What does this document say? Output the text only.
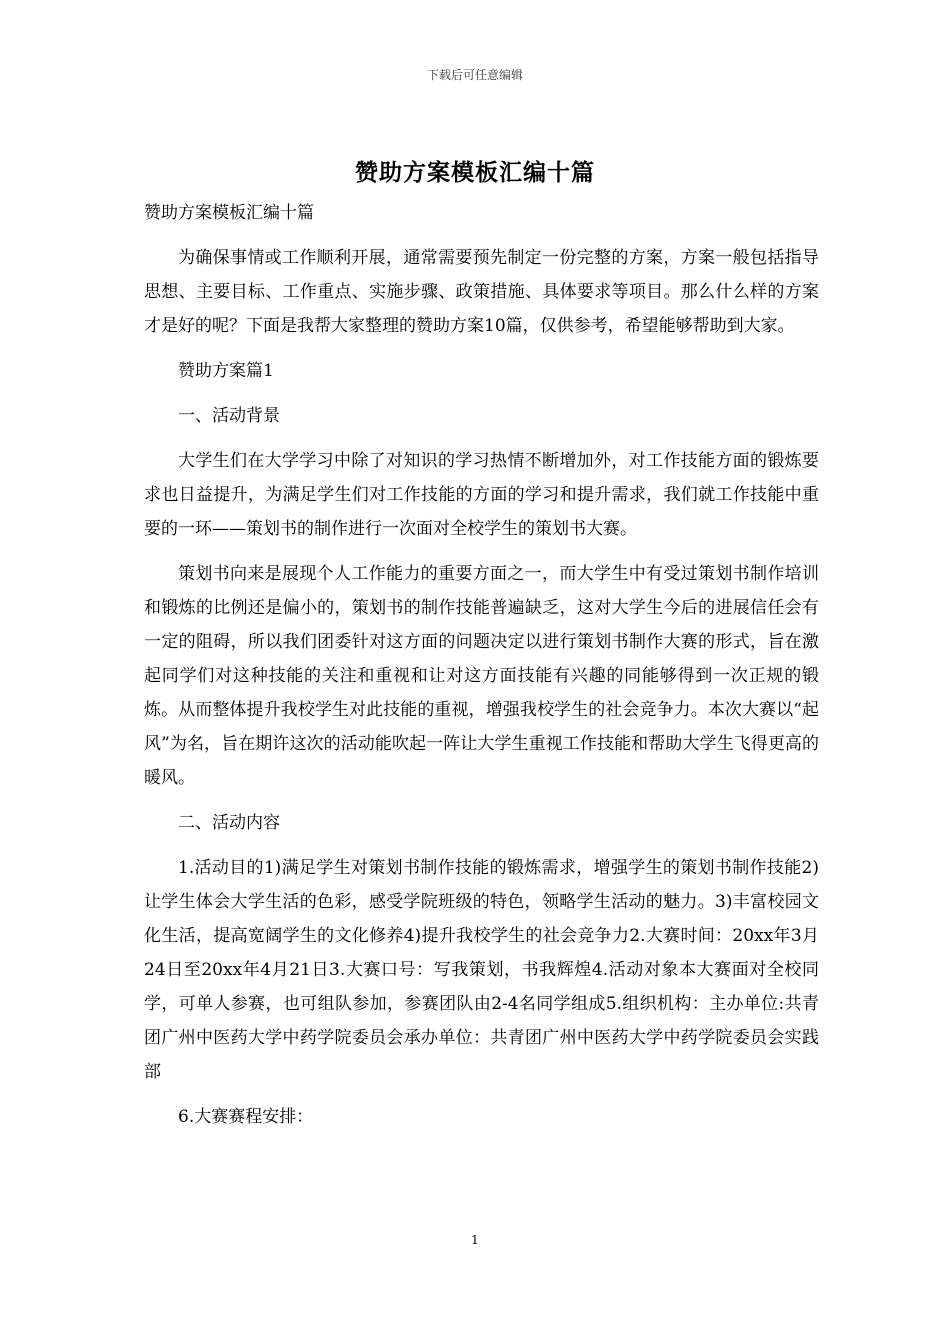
下载后可任意编辑
赞助方案模板汇编十篇

赞助方案模板汇编十篇

为确保事情或工作顺利开展，通常需要预先制定一份完整的方案，方案一般包括指导思想、主要目标、工作重点、实施步骤、政策措施、具体要求等项目。那么什么样的方案才是好的呢？下面是我帮大家整理的赞助方案10篇，仅供参考，希望能够帮助到大家。

赞助方案篇1

一、活动背景

大学生们在大学学习中除了对知识的学习热情不断增加外，对工作技能方面的锻炼要求也日益提升，为满足学生们对工作技能的方面的学习和提升需求，我们就工作技能中重要的一环——策划书的制作进行一次面对全校学生的策划书大赛。

策划书向来是展现个人工作能力的重要方面之一，而大学生中有受过策划书制作培训和锻炼的比例还是偏小的，策划书的制作技能普遍缺乏，这对大学生今后的进展信任会有一定的阻碍，所以我们团委针对这方面的问题决定以进行策划书制作大赛的形式，旨在激起同学们对这种技能的关注和重视和让对这方面技能有兴趣的同能够得到一次正规的锻炼。从而整体提升我校学生对此技能的重视，增强我校学生的社会竞争力。本次大赛以“起风”为名，旨在期许这次的活动能吹起一阵让大学生重视工作技能和帮助大学生飞得更高的暖风。

二、活动内容

1.活动目的1)满足学生对策划书制作技能的锻炼需求，增强学生的策划书制作技能2)让学生体会大学生活的色彩，感受学院班级的特色，领略学生活动的魅力。3)丰富校园文化生活，提高宽阔学生的文化修养4)提升我校学生的社会竞争力2.大赛时间：20xx年3月24日至20xx年4月21日3.大赛口号：写我策划，书我辉煌4.活动对象本大赛面对全校同学，可单人参赛，也可组队参加，参赛团队由2-4名同学组成5.组织机构：主办单位:共青团广州中医药大学中药学院委员会承办单位：共青团广州中医药大学中药学院委员会实践部

6.大赛赛程安排：

1
